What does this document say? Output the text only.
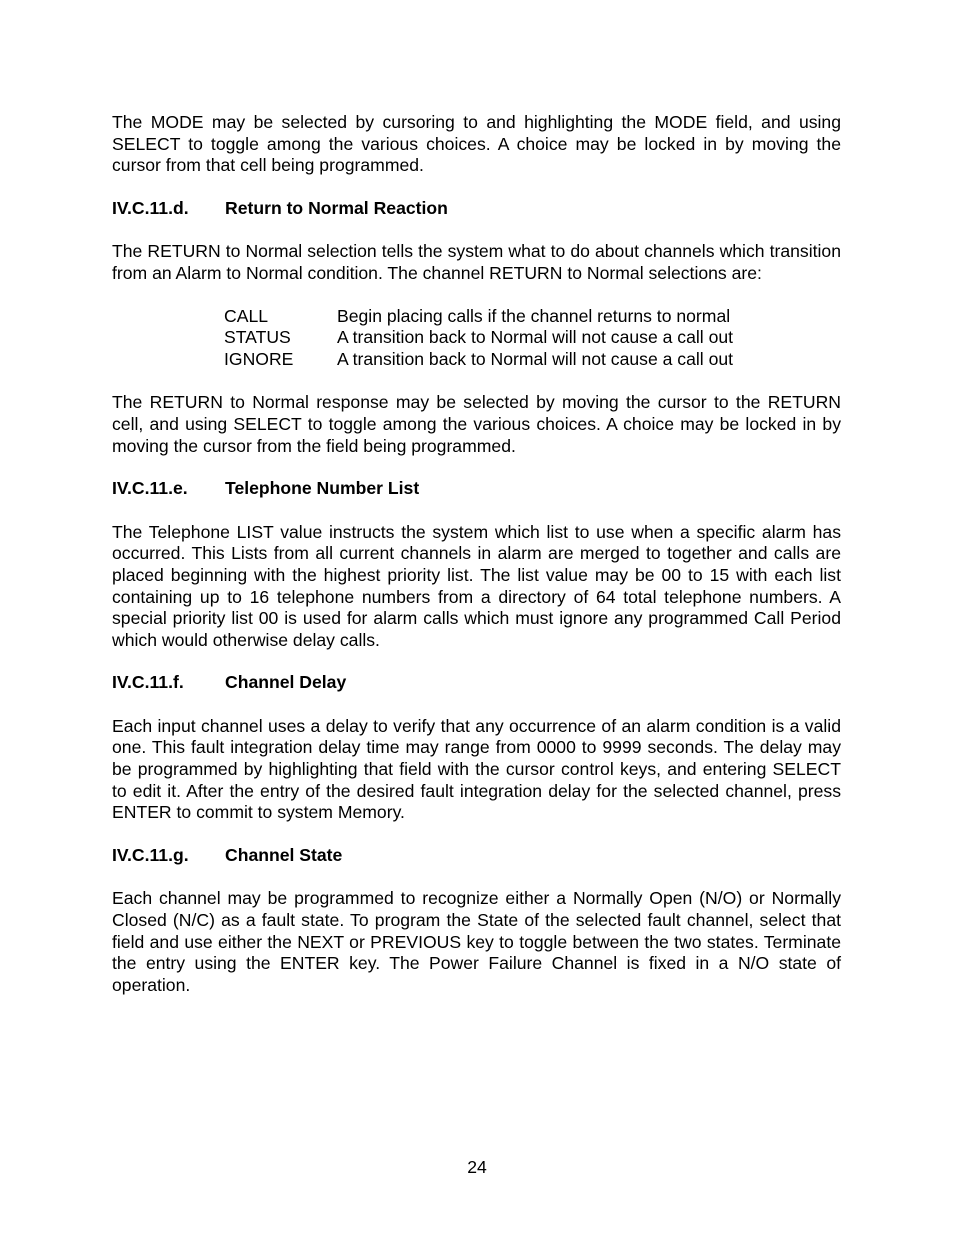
The MODE may be selected by cursoring to and highlighting the MODE field, and using SELECT to toggle among the various choices. A choice may be locked in by moving the cursor from that cell being programmed.

IV.C.11.d.	Return to Normal Reaction

The RETURN to Normal selection tells the system what to do about channels which transition from an Alarm to Normal condition. The channel RETURN to Normal selections are:

CALL	Begin placing calls if the channel returns to normal
STATUS	A transition back to Normal will not cause a call out
IGNORE	A transition back to Normal will not cause a call out

The RETURN to Normal response may be selected by moving the cursor to the RETURN cell, and using SELECT to toggle among the various choices. A choice may be locked in by moving the cursor from the field being programmed.

IV.C.11.e.	Telephone Number List

The Telephone LIST value instructs the system which list to use when a specific alarm has occurred. This Lists from all current channels in alarm are merged to together and calls are placed beginning with the highest priority list. The list value may be 00 to 15 with each list containing up to 16 telephone numbers from a directory of 64 total telephone numbers. A special priority list 00 is used for alarm calls which must ignore any programmed Call Period which would otherwise delay calls.

IV.C.11.f.	Channel Delay

Each input channel uses a delay to verify that any occurrence of an alarm condition is a valid one. This fault integration delay time may range from 0000 to 9999 seconds. The delay may be programmed by highlighting that field with the cursor control keys, and entering SELECT to edit it. After the entry of the desired fault integration delay for the selected channel, press ENTER to commit to system Memory.

IV.C.11.g.	Channel State

Each channel may be programmed to recognize either a Normally Open (N/O) or Normally Closed (N/C) as a fault state. To program the State of the selected fault channel, select that field and use either the NEXT or PREVIOUS key to toggle between the two states. Terminate the entry using the ENTER key. The Power Failure Channel is fixed in a N/O state of operation.

24
